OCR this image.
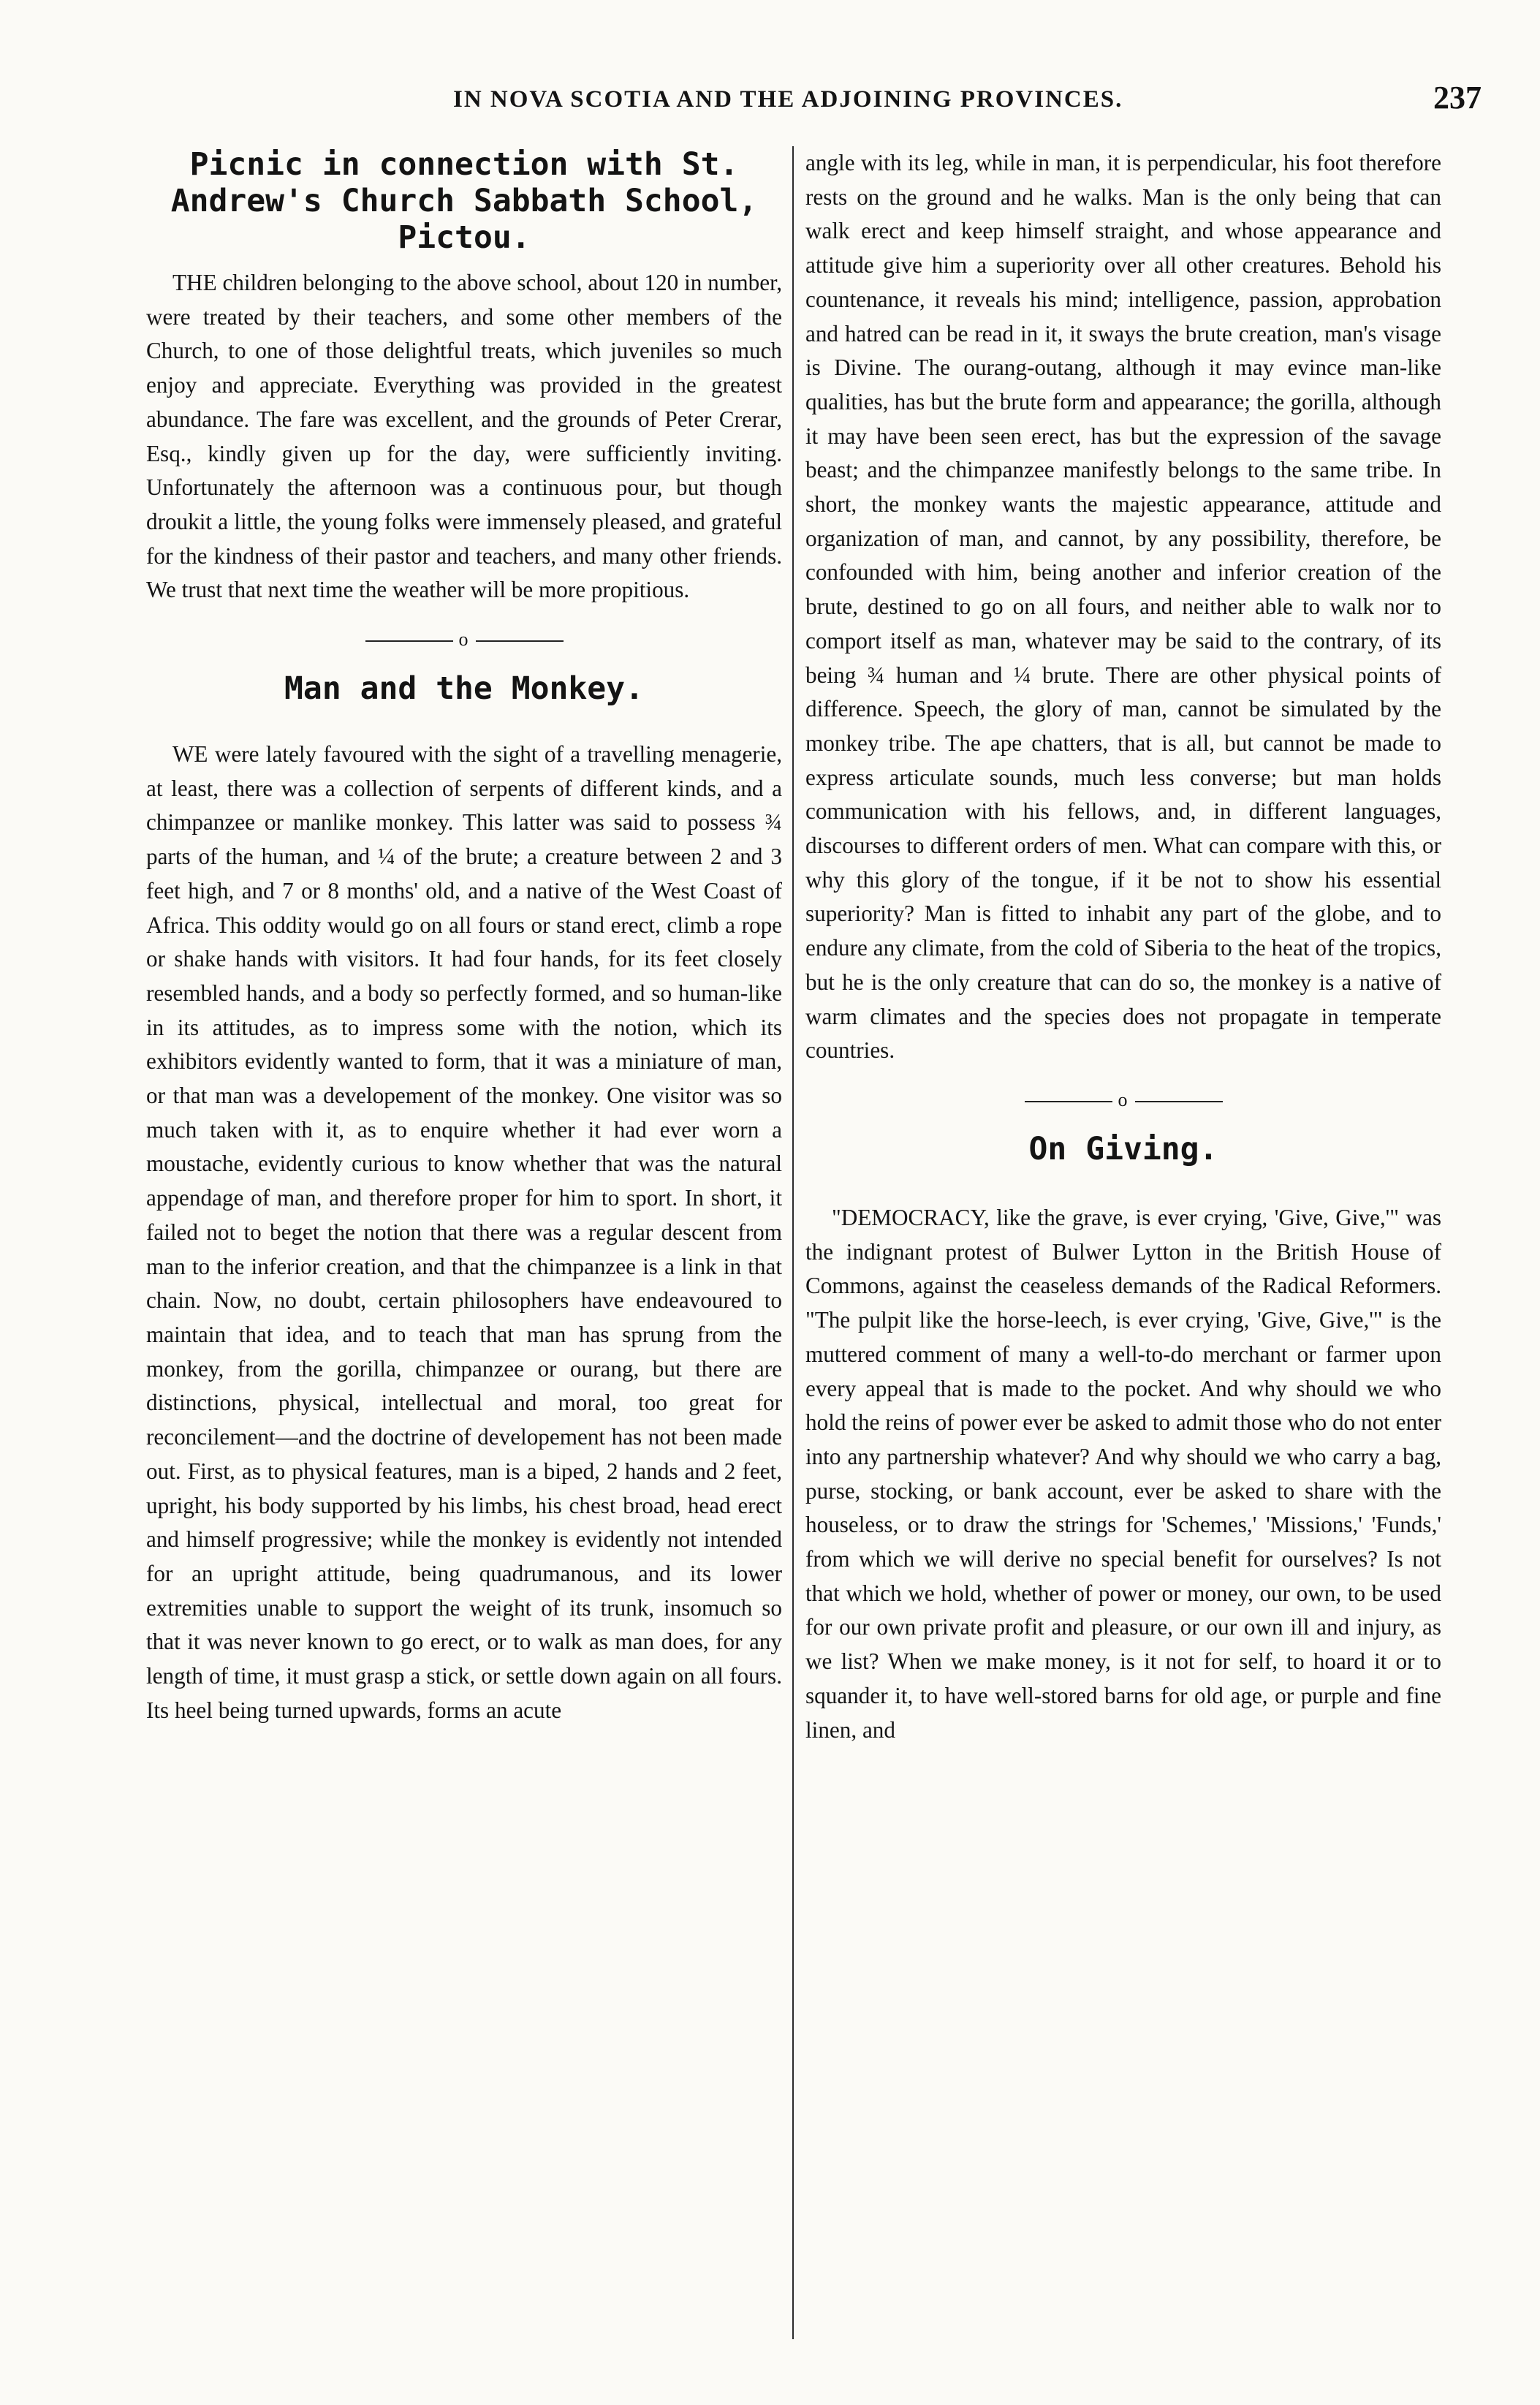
IN NOVA SCOTIA AND THE ADJOINING PROVINCES.	237
Picnic in connection with St. Andrew's Church Sabbath School, Pictou.

THE children belonging to the above school, about 120 in number, were treated by their teachers, and some other members of the Church, to one of those delightful treats, which juveniles so much enjoy and appreciate. Everything was provided in the greatest abundance. The fare was excellent, and the grounds of Peter Crerar, Esq., kindly given up for the day, were sufficiently inviting. Unfortunately the afternoon was a continuous pour, but though droukit a little, the young folks were immensely pleased, and grateful for the kindness of their pastor and teachers, and many other friends. We trust that next time the weather will be more propitious.

o
Man and the Monkey.

WE were lately favoured with the sight of a travelling menagerie, at least, there was a collection of serpents of different kinds, and a chimpanzee or manlike monkey. This latter was said to possess ¾ parts of the human, and ¼ of the brute; a creature between 2 and 3 feet high, and 7 or 8 months' old, and a native of the West Coast of Africa. This oddity would go on all fours or stand erect, climb a rope or shake hands with visitors. It had four hands, for its feet closely resembled hands, and a body so perfectly formed, and so human-like in its attitudes, as to impress some with the notion, which its exhibitors evidently wanted to form, that it was a miniature of man, or that man was a developement of the monkey. One visitor was so much taken with it, as to enquire whether it had ever worn a moustache, evidently curious to know whether that was the natural appendage of man, and therefore proper for him to sport. In short, it failed not to beget the notion that there was a regular descent from man to the inferior creation, and that the chimpanzee is a link in that chain. Now, no doubt, certain philosophers have endeavoured to maintain that idea, and to teach that man has sprung from the monkey, from the gorilla, chimpanzee or ourang, but there are distinctions, physical, intellectual and moral, too great for reconcilement—and the doctrine of developement has not been made out. First, as to physical features, man is a biped, 2 hands and 2 feet, upright, his body supported by his limbs, his chest broad, head erect and himself progressive; while the monkey is evidently not intended for an upright attitude, being quadrumanous, and its lower extremities unable to support the weight of its trunk, insomuch so that it was never known to go erect, or to walk as man does, for any length of time, it must grasp a stick, or settle down again on all fours. Its heel being turned upwards, forms an acute

angle with its leg, while in man, it is perpendicular, his foot therefore rests on the ground and he walks. Man is the only being that can walk erect and keep himself straight, and whose appearance and attitude give him a superiority over all other creatures. Behold his countenance, it reveals his mind; intelligence, passion, approbation and hatred can be read in it, it sways the brute creation, man's visage is Divine. The ourang-outang, although it may evince man-like qualities, has but the brute form and appearance; the gorilla, although it may have been seen erect, has but the expression of the savage beast; and the chimpanzee manifestly belongs to the same tribe. In short, the monkey wants the majestic appearance, attitude and organization of man, and cannot, by any possibility, therefore, be confounded with him, being another and inferior creation of the brute, destined to go on all fours, and neither able to walk nor to comport itself as man, whatever may be said to the contrary, of its being ¾ human and ¼ brute. There are other physical points of difference. Speech, the glory of man, cannot be simulated by the monkey tribe. The ape chatters, that is all, but cannot be made to express articulate sounds, much less converse; but man holds communication with his fellows, and, in different languages, discourses to different orders of men. What can compare with this, or why this glory of the tongue, if it be not to show his essential superiority? Man is fitted to inhabit any part of the globe, and to endure any climate, from the cold of Siberia to the heat of the tropics, but he is the only creature that can do so, the monkey is a native of warm climates and the species does not propagate in temperate countries.

o
On Giving.

"DEMOCRACY, like the grave, is ever crying, 'Give, Give,'" was the indignant protest of Bulwer Lytton in the British House of Commons, against the ceaseless demands of the Radical Reformers. "The pulpit like the horse-leech, is ever crying, 'Give, Give,'" is the muttered comment of many a well-to-do merchant or farmer upon every appeal that is made to the pocket. And why should we who hold the reins of power ever be asked to admit those who do not enter into any partnership whatever? And why should we who carry a bag, purse, stocking, or bank account, ever be asked to share with the houseless, or to draw the strings for 'Schemes,' 'Missions,' 'Funds,' from which we will derive no special benefit for ourselves? Is not that which we hold, whether of power or money, our own, to be used for our own private profit and pleasure, or our own ill and injury, as we list? When we make money, is it not for self, to hoard it or to squander it, to have well-stored barns for old age, or purple and fine linen, and
